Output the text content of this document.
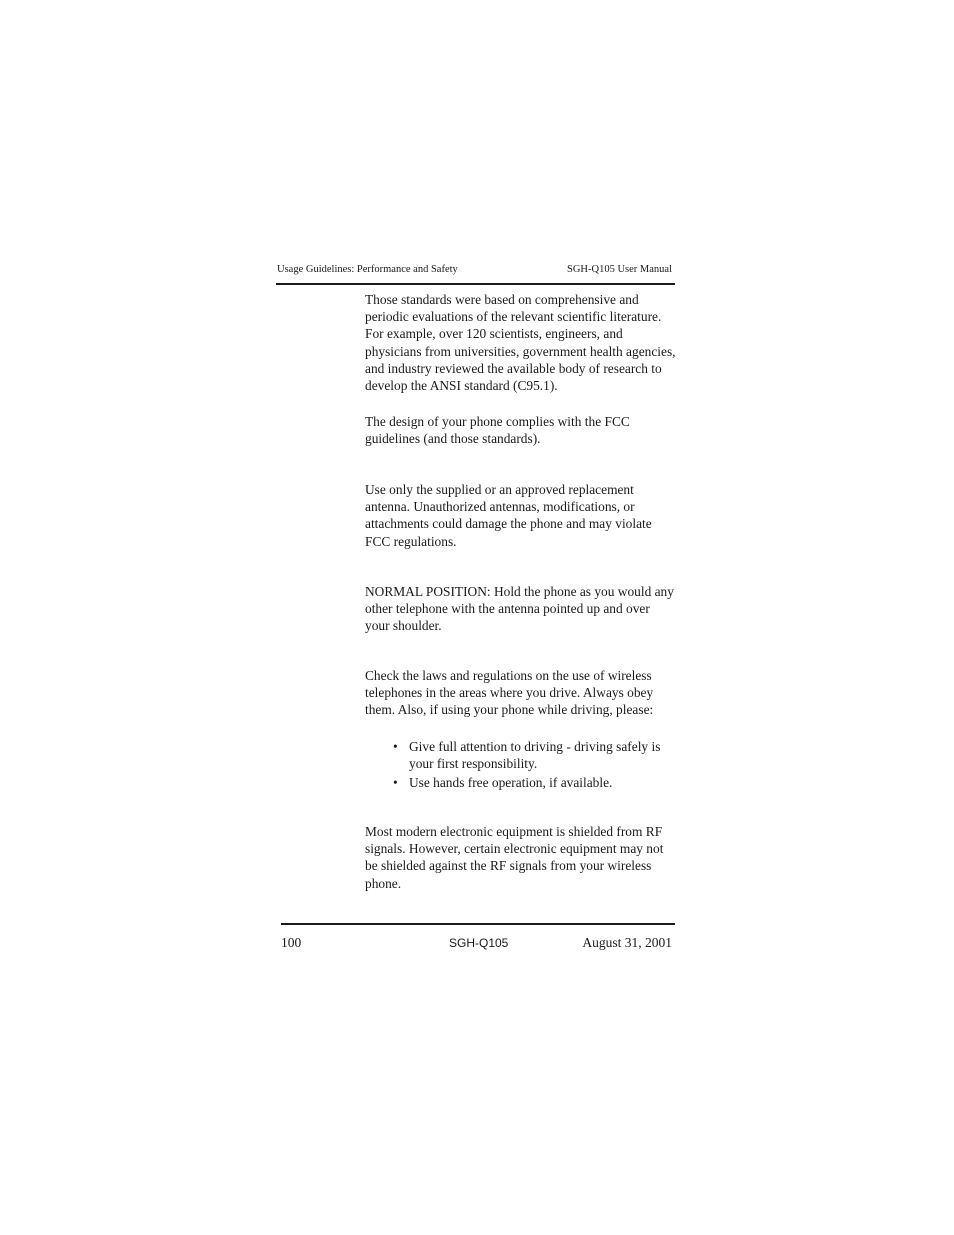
Usage Guidelines: Performance and Safety	SGH-Q105 User Manual

Those standards were based on comprehensive and periodic evaluations of the relevant scientific literature. For example, over 120 scientists, engineers, and physicians from universities, government health agencies, and industry reviewed the available body of research to develop the ANSI standard (C95.1).

The design of your phone complies with the FCC guidelines (and those standards).

Use only the supplied or an approved replacement antenna. Unauthorized antennas, modifications, or attachments could damage the phone and may violate FCC regulations.

NORMAL POSITION: Hold the phone as you would any other telephone with the antenna pointed up and over your shoulder.

Check the laws and regulations on the use of wireless telephones in the areas where you drive. Always obey them. Also, if using your phone while driving, please:

• Give full attention to driving - driving safely is your first responsibility.
• Use hands free operation, if available.

Most modern electronic equipment is shielded from RF signals. However, certain electronic equipment may not be shielded against the RF signals from your wireless phone.

100	SGH-Q105	August 31, 2001
